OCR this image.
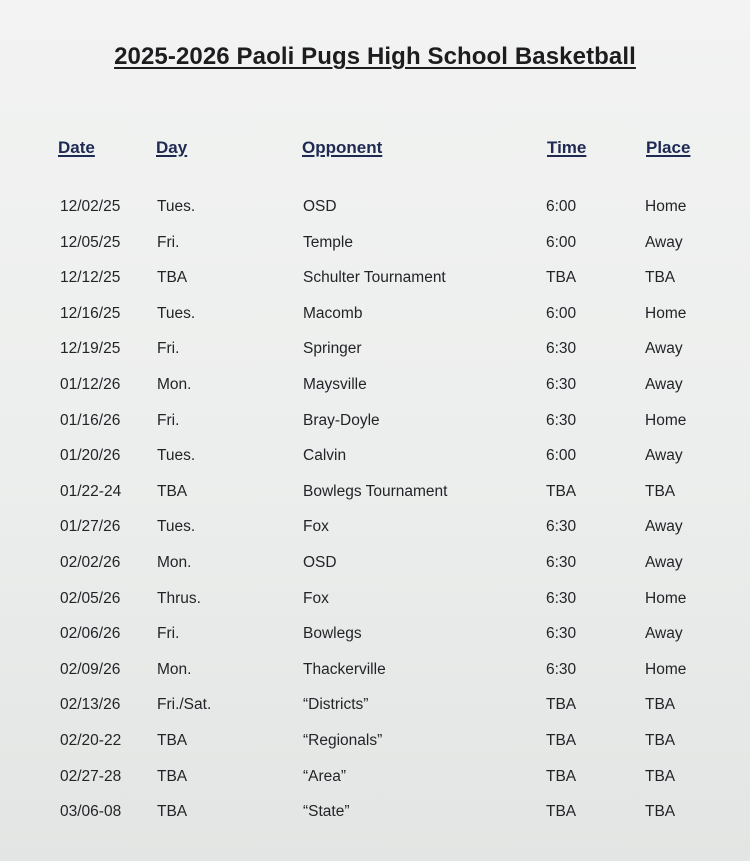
2025-2026 Paoli Pugs High School Basketball
Date	Day	Opponent	Time	Place
12/02/25 Tues.	OSD	6:00	Home
12/05/25 Fri.	Temple	6:00	Away
12/12/25 TBA	Schulter Tournament	TBA	TBA
12/16/25 Tues.	Macomb	6:00	Home
12/19/25 Fri.	Springer	6:30	Away
01/12/26 Mon.	Maysville	6:30	Away
01/16/26 Fri.	Bray-Doyle	6:30	Home
01/20/26 Tues.	Calvin	6:00	Away
01/22-24 TBA	Bowlegs Tournament	TBA	TBA
01/27/26 Tues.	Fox	6:30	Away
02/02/26 Mon.	OSD	6:30	Away
02/05/26 Thrus.	Fox	6:30	Home
02/06/26 Fri.	Bowlegs	6:30	Away
02/09/26 Mon.	Thackerville	6:30	Home
02/13/26 Fri./Sat.	“Districts”	TBA	TBA
02/20-22 TBA	“Regionals”	TBA	TBA
02/27-28 TBA	“Area”	TBA	TBA
03/06-08 TBA	“State”	TBA	TBA
